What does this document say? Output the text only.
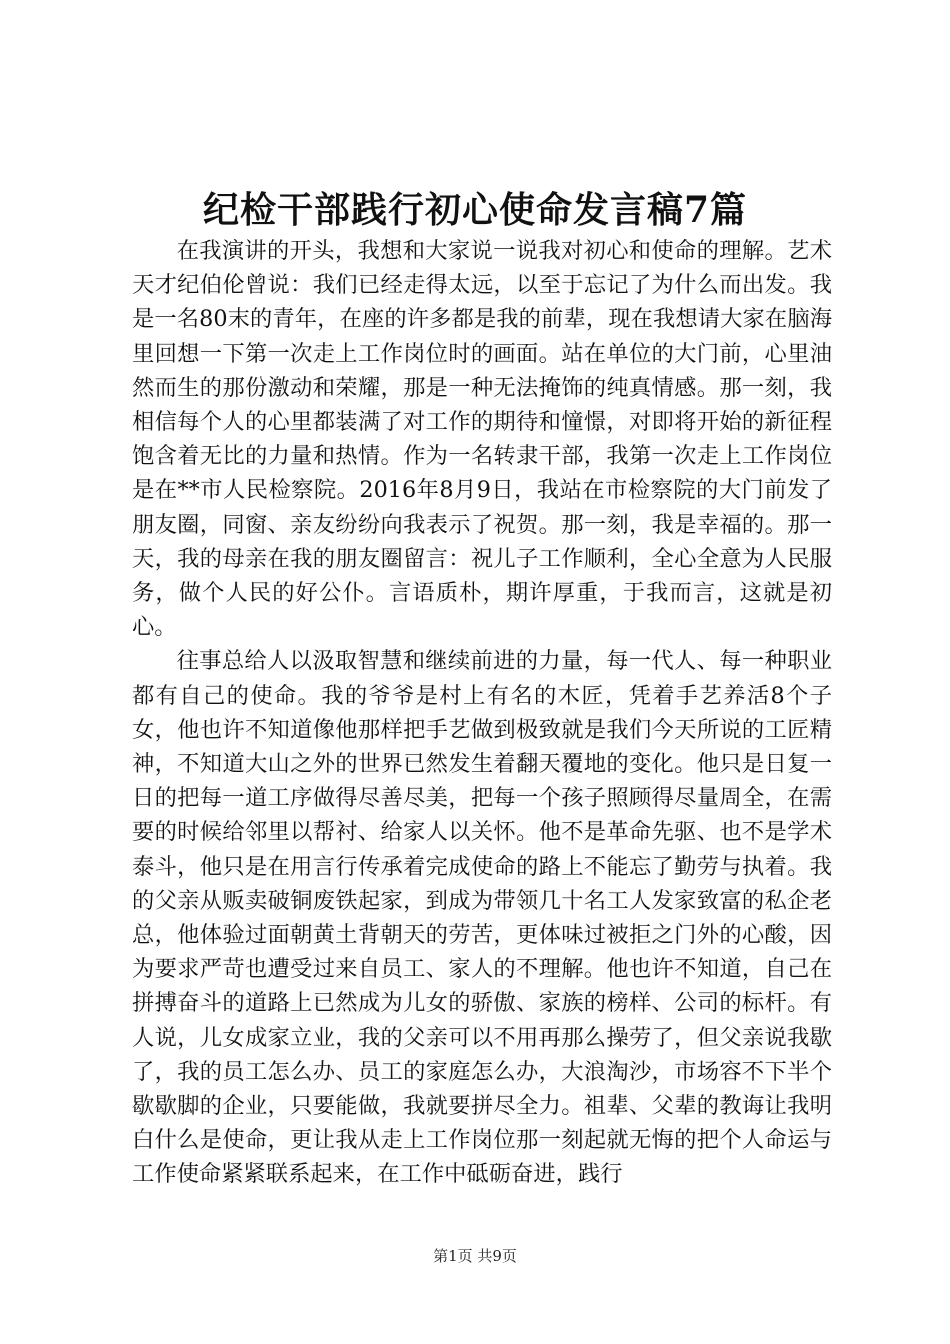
纪检干部践行初心使命发言稿7篇

在我演讲的开头，我想和大家说一说我对初心和使命的理解。艺术天才纪伯伦曾说：我们已经走得太远，以至于忘记了为什么而出发。我是一名80末的青年，在座的许多都是我的前辈，现在我想请大家在脑海里回想一下第一次走上工作岗位时的画面。站在单位的大门前，心里油然而生的那份激动和荣耀，那是一种无法掩饰的纯真情感。那一刻，我相信每个人的心里都装满了对工作的期待和憧憬，对即将开始的新征程饱含着无比的力量和热情。作为一名转隶干部，我第一次走上工作岗位是在**市人民检察院。2016年8月9日，我站在市检察院的大门前发了朋友圈，同窗、亲友纷纷向我表示了祝贺。那一刻，我是幸福的。那一天，我的母亲在我的朋友圈留言：祝儿子工作顺利，全心全意为人民服务，做个人民的好公仆。言语质朴，期许厚重，于我而言，这就是初心。

往事总给人以汲取智慧和继续前进的力量，每一代人、每一种职业都有自己的使命。我的爷爷是村上有名的木匠，凭着手艺养活8个子女，他也许不知道像他那样把手艺做到极致就是我们今天所说的工匠精神，不知道大山之外的世界已然发生着翻天覆地的变化。他只是日复一日的把每一道工序做得尽善尽美，把每一个孩子照顾得尽量周全，在需要的时候给邻里以帮衬、给家人以关怀。他不是革命先驱、也不是学术泰斗，他只是在用言行传承着完成使命的路上不能忘了勤劳与执着。我的父亲从贩卖破铜废铁起家，到成为带领几十名工人发家致富的私企老总，他体验过面朝黄土背朝天的劳苦，更体味过被拒之门外的心酸，因为要求严苛也遭受过来自员工、家人的不理解。他也许不知道，自己在拼搏奋斗的道路上已然成为儿女的骄傲、家族的榜样、公司的标杆。有人说，儿女成家立业，我的父亲可以不用再那么操劳了，但父亲说我歇了，我的员工怎么办、员工的家庭怎么办，大浪淘沙，市场容不下半个歇歇脚的企业，只要能做，我就要拼尽全力。祖辈、父辈的教诲让我明白什么是使命，更让我从走上工作岗位那一刻起就无悔的把个人命运与工作使命紧紧联系起来，在工作中砥砺奋进，践行

第1页 共9页
